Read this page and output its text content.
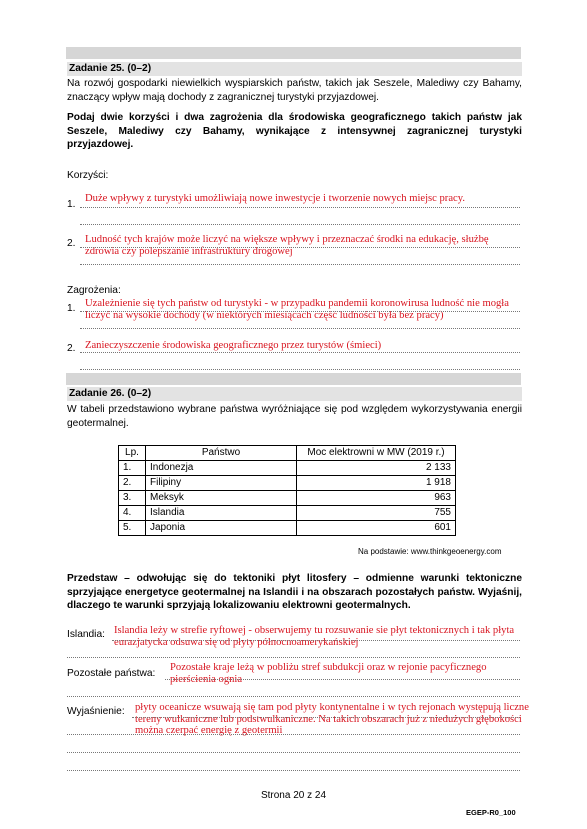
Zadanie 25. (0–2)
Na rozwój gospodarki niewielkich wyspiarskich państw, takich jak Seszele, Malediwy czy Bahamy, znaczący wpływ mają dochody z zagranicznej turystyki przyjazdowej.
Podaj dwie korzyści i dwa zagrożenia dla środowiska geograficznego takich państw jak Seszele, Malediwy czy Bahamy, wynikające z intensywnej zagranicznej turystyki przyjazdowej.
Korzyści:
1.
Duże wpływy z turystyki umożliwiają nowe inwestycje i tworzenie nowych miejsc pracy.
2. Ludność tych krajów może liczyć na większe wpływy i przeznaczać środki na edukację, służbę zdrowia czy polepszanie infrastruktury drogowej
Zagrożenia:
1. Uzależnienie się tych państw od turystyki - w przypadku pandemii koronowirusa ludność nie mogła liczyć na wysokie dochody (w niektórych miesiącach część ludności była bez pracy)
2. Zanieczyszczenie środowiska geograficznego przez turystów (śmieci)
Zadanie 26. (0–2)
W tabeli przedstawiono wybrane państwa wyróżniające się pod względem wykorzystywania energii geotermalnej.
Lp.	Państwo	Moc elektrowni w MW (2019 r.)
1.	Indonezja	2 133
2.	Filipiny	1 918
3.	Meksyk	963
4.	Islandia	755
5.	Japonia	601
Na podstawie: www.thinkgeoenergy.com
Przedstaw – odwołując się do tektoniki płyt litosfery – odmienne warunki tektoniczne sprzyjające energetyce geotermalnej na Islandii i na obszarach pozostałych państw. Wyjaśnij, dlaczego te warunki sprzyjają lokalizowaniu elektrowni geotermalnych.
Islandia: Islandia leży w strefie ryftowej - obserwujemy tu rozsuwanie sie płyt tektonicznych i tak płyta eurazjatycka odsuwa się od płyty północnoamerykańskiej
Pozostałe państwa:
Pozostałe kraje leżą w pobliżu stref subdukcji oraz w rejonie pacyficznego pierścienia ognia
Wyjaśnienie: płyty oceanicze wsuwają się tam pod płyty kontynentalne i w tych rejonach występują liczne tereny wulkaniczne lub podstwulkaniczne. Na takich obszarach już z niedużych głębokości można czerpać energię z geotermii
Strona 20 z 24
EGEP-R0_100
